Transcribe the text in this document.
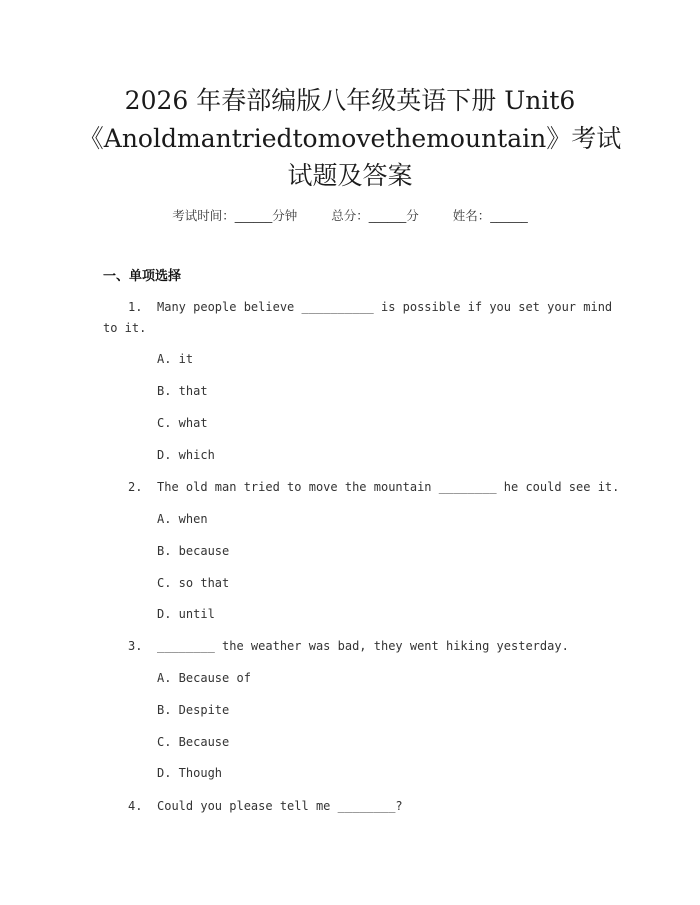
2026 年春部编版八年级英语下册 Unit6
《Anoldmantriedtomovethemountain》考试
试题及答案
考试时间：______分钟	总分：______分	姓名：______
一、单项选择
1. Many people believe __________ is possible if you set your mind
to it.
A. it
B. that
C. what
D. which
2. The old man tried to move the mountain ________ he could see it.
A. when
B. because
C. so that
D. until
3. ________ the weather was bad, they went hiking yesterday.
A. Because of
B. Despite
C. Because
D. Though
4. Could you please tell me ________?
